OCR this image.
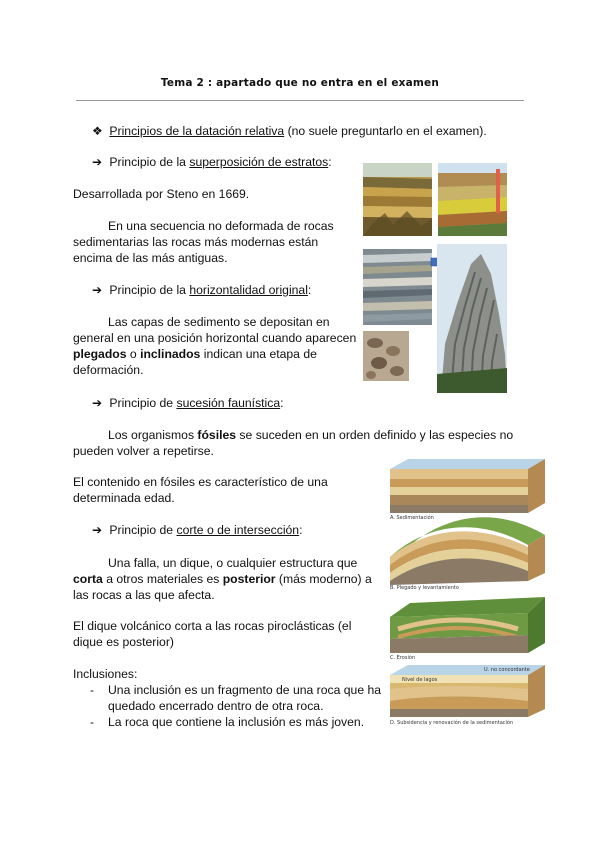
Tema 2 : apartado que no entra en el examen
❖ Principios de la datación relativa (no suele preguntarlo en el examen).
➔ Principio de la superposición de estratos:
Desarrollada por Steno en 1669.
En una secuencia no deformada de rocas
sedimentarias las rocas más modernas están
encima de las más antiguas.
➔ Principio de la horizontalidad original:
Las capas de sedimento se depositan en
general en una posición horizontal cuando aparecen
plegados o inclinados indican una etapa de
deformación.
➔ Principio de sucesión faunística:
Los organismos fósiles se suceden en un orden definido y las especies no
pueden volver a repetirse.
El contenido en fósiles es característico de una
determinada edad.
➔ Principio de corte o de intersección:
Una falla, un dique, o cualquier estructura que
corta a otros materiales es posterior (más moderno) a
las rocas a las que afecta.
El dique volcánico corta a las rocas piroclásticas (el
dique es posterior)
Inclusiones:
- Una inclusión es un fragmento de una roca que ha
quedado encerrado dentro de otra roca.
- La roca que contiene la inclusión es más joven.
A. Sedimentación
B. Plegado y levantamiento
C. Erosión
D. Subsidencia y renovación de la sedimentación
U. no concordante
Nivel de lagos
